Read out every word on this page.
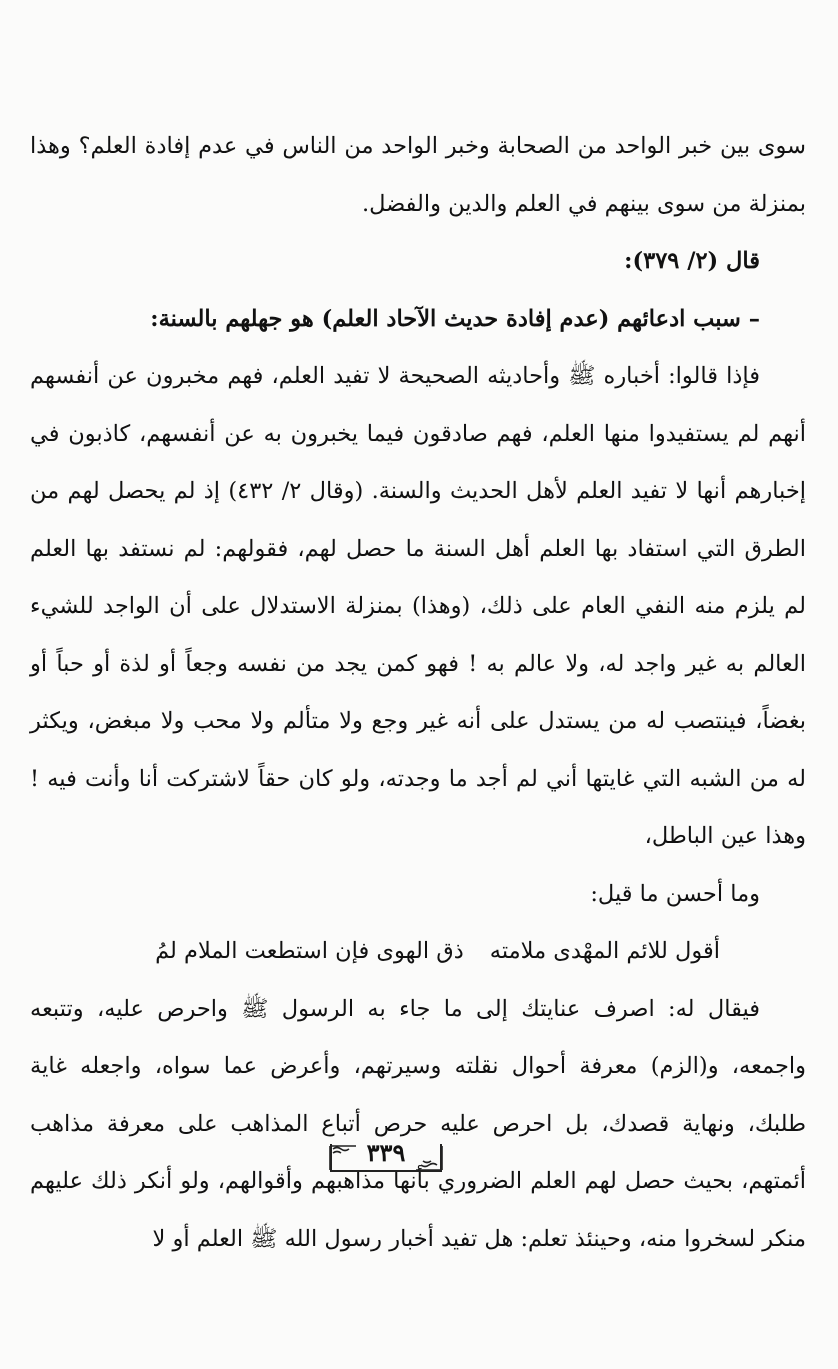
سوى بين خبر الواحد من الصحابة وخبر الواحد من الناس في عدم إفادة العلم؟ وهذا بمنزلة من سوى بينهم في العلم والدين والفضل.

قال (٢/ ٣٧٩):

– سبب ادعائهم (عدم إفادة حديث الآحاد العلم) هو جهلهم بالسنة:

فإذا قالوا: أخباره ﷺ وأحاديثه الصحيحة لا تفيد العلم، فهم مخبرون عن أنفسهم أنهم لم يستفيدوا منها العلم، فهم صادقون فيما يخبرون به عن أنفسهم، كاذبون في إخبارهم أنها لا تفيد العلم لأهل الحديث والسنة. (وقال ٢/ ٤٣٢) إذ لم يحصل لهم من الطرق التي استفاد بها العلم أهل السنة ما حصل لهم، فقولهم: لم نستفد بها العلم لم يلزم منه النفي العام على ذلك، (وهذا) بمنزلة الاستدلال على أن الواجد للشيء العالم به غير واجد له، ولا عالم به ! فهو كمن يجد من نفسه وجعاً أو لذة أو حباً أو بغضاً، فينتصب له من يستدل على أنه غير وجع ولا متألم ولا محب ولا مبغض، ويكثر له من الشبه التي غايتها أني لم أجد ما وجدته، ولو كان حقاً لاشتركت أنا وأنت فيه ! وهذا عين الباطل،

وما أحسن ما قيل:

أقول للائم المهْدى ملامتهذق الهوى فإن استطعت الملام لمُ

فيقال له: اصرف عنايتك إلى ما جاء به الرسول ﷺ واحرص عليه، وتتبعه واجمعه، و(الزم) معرفة أحوال نقلته وسيرتهم، وأعرض عما سواه، واجعله غاية طلبك، ونهاية قصدك، بل احرص عليه حرص أتباع المذاهب على معرفة مذاهب أئمتهم، بحيث حصل لهم العلم الضروري بأنها مذاهبهم وأقوالهم، ولو أنكر ذلك عليهم منكر لسخروا منه، وحينئذ تعلم: هل تفيد أخبار رسول الله ﷺ العلم أو لا

٣٣٩
